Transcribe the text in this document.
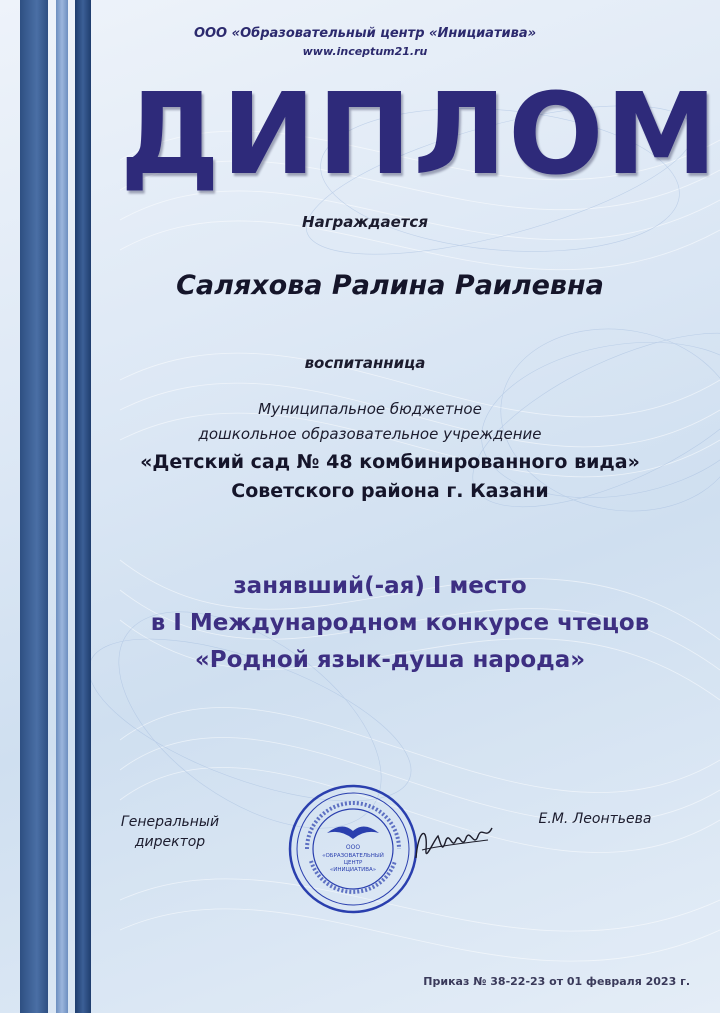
ООО «Образовательный центр «Инициатива»
www.inceptum21.ru
ДИПЛОМ
Награждается
Саляхова Ралина Раилевна
воспитанница
Муниципальное бюджетное
дошкольное образовательное учреждение
«Детский сад № 48 комбинированного вида»
Советского района г. Казани
занявший(-ая) I место
в I Международном конкурсе чтецов
«Родной язык-душа народа»
Генеральный
директор	ООО
«ОБРАЗОВАТЕЛЬНЫЙ
ЦЕНТР
«ИНИЦИАТИВА»
Е.М. Леонтьева
Приказ № 38-22-23 от 01 февраля 2023 г.
